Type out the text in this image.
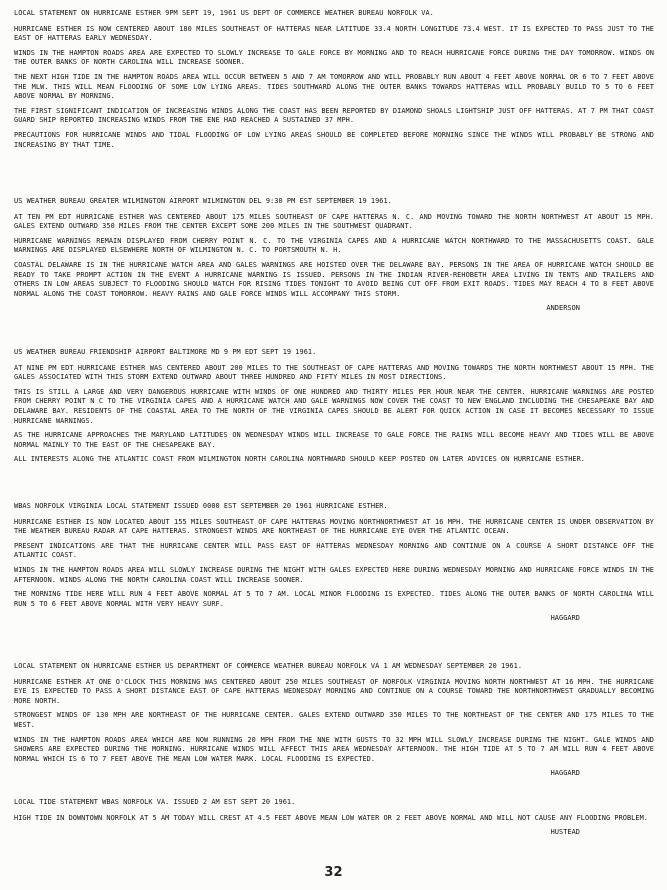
LOCAL STATEMENT ON HURRICANE ESTHER 9PM SEPT 19, 1961 US DEPT OF COMMERCE WEATHER BUREAU NORFOLK VA.

HURRICANE ESTHER IS NOW CENTERED ABOUT 180 MILES SOUTHEAST OF HATTERAS NEAR LATITUDE 33.4 NORTH LONGITUDE 73.4 WEST. IT IS EXPECTED TO PASS JUST TO THE EAST OF HATTERAS EARLY WEDNESDAY.

WINDS IN THE HAMPTON ROADS AREA ARE EXPECTED TO SLOWLY INCREASE TO GALE FORCE BY MORNING AND TO REACH HURRICANE FORCE DURING THE DAY TOMORROW. WINDS ON THE OUTER BANKS OF NORTH CAROLINA WILL INCREASE SOONER.

THE NEXT HIGH TIDE IN THE HAMPTON ROADS AREA WILL OCCUR BETWEEN 5 AND 7 AM TOMORROW AND WILL PROBABLY RUN ABOUT 4 FEET ABOVE NORMAL OR 6 TO 7 FEET ABOVE THE MLW. THIS WILL MEAN FLOODING OF SOME LOW LYING AREAS. TIDES SOUTHWARD ALONG THE OUTER BANKS TOWARDS HATTERAS WILL PROBABLY BUILD TO 5 TO 6 FEET ABOVE NORMAL BY MORNING.

THE FIRST SIGNIFICANT INDICATION OF INCREASING WINDS ALONG THE COAST HAS BEEN REPORTED BY DIAMOND SHOALS LIGHTSHIP JUST OFF HATTERAS. AT 7 PM THAT COAST GUARD SHIP REPORTED INCREASING WINDS FROM THE ENE HAD REACHED A SUSTAINED 37 MPH.

PRECAUTIONS FOR HURRICANE WINDS AND TIDAL FLOODING OF LOW LYING AREAS SHOULD BE COMPLETED BEFORE MORNING SINCE THE WINDS WILL PROBABLY BE STRONG AND INCREASING BY THAT TIME.

US WEATHER BUREAU GREATER WILMINGTON AIRPORT WILMINGTON DEL 9:30 PM EST SEPTEMBER 19 1961.

AT TEN PM EDT HURRICANE ESTHER WAS CENTERED ABOUT 175 MILES SOUTHEAST OF CAPE HATTERAS N. C. AND MOVING TOWARD THE NORTH NORTHWEST AT ABOUT 15 MPH. GALES EXTEND OUTWARD 350 MILES FROM THE CENTER EXCEPT SOME 200 MILES IN THE SOUTHWEST QUADRANT.

HURRICANE WARNINGS REMAIN DISPLAYED FROM CHERRY POINT N. C. TO THE VIRGINIA CAPES AND A HURRICANE WATCH NORTHWARD TO THE MASSACHUSETTS COAST. GALE WARNINGS ARE DISPLAYED ELSEWHERE NORTH OF WILMINGTON N. C. TO PORTSMOUTH N. H.

COASTAL DELAWARE IS IN THE HURRICANE WATCH AREA AND GALES WARNINGS ARE HOISTED OVER THE DELAWARE BAY. PERSONS IN THE AREA OF HURRICANE WATCH SHOULD BE READY TO TAKE PROMPT ACTION IN THE EVENT A HURRICANE WARNING IS ISSUED. PERSONS IN THE INDIAN RIVER-REHOBETH AREA LIVING IN TENTS AND TRAILERS AND OTHERS IN LOW AREAS SUBJECT TO FLOODING SHOULD WATCH FOR RISING TIDES TONIGHT TO AVOID BEING CUT OFF FROM EXIT ROADS. TIDES MAY REACH 4 TO 8 FEET ABOVE NORMAL ALONG THE COAST TOMORROW. HEAVY RAINS AND GALE FORCE WINDS WILL ACCOMPANY THIS STORM.

ANDERSON

US WEATHER BUREAU FRIENDSHIP AIRPORT BALTIMORE MD 9 PM EDT SEPT 19 1961.

AT NINE PM EDT HURRICANE ESTHER WAS CENTERED ABOUT 200 MILES TO THE SOUTHEAST OF CAPE HATTERAS AND MOVING TOWARDS THE NORTH NORTHWEST ABOUT 15 MPH. THE GALES ASSOCIATED WITH THIS STORM EXTEND OUTWARD ABOUT THREE HUNDRED AND FIFTY MILES IN MOST DIRECTIONS.

THIS IS STILL A LARGE AND VERY DANGEROUS HURRICANE WITH WINDS OF ONE HUNDRED AND THIRTY MILES PER HOUR NEAR THE CENTER. HURRICANE WARNINGS ARE POSTED FROM CHERRY POINT N C TO THE VIRGINIA CAPES AND A HURRICANE WATCH AND GALE WARNINGS NOW COVER THE COAST TO NEW ENGLAND INCLUDING THE CHESAPEAKE BAY AND DELAWARE BAY. RESIDENTS OF THE COASTAL AREA TO THE NORTH OF THE VIRGINIA CAPES SHOULD BE ALERT FOR QUICK ACTION IN CASE IT BECOMES NECESSARY TO ISSUE HURRICANE WARNINGS.

AS THE HURRICANE APPROACHES THE MARYLAND LATITUDES ON WEDNESDAY WINDS WILL INCREASE TO GALE FORCE THE RAINS WILL BECOME HEAVY AND TIDES WILL BE ABOVE NORMAL MAINLY TO THE EAST OF THE CHESAPEAKE BAY.

ALL INTERESTS ALONG THE ATLANTIC COAST FROM WILMINGTON NORTH CAROLINA NORTHWARD SHOULD KEEP POSTED ON LATER ADVICES ON HURRICANE ESTHER.

WBAS NORFOLK VIRGINIA LOCAL STATEMENT ISSUED 0000 EST SEPTEMBER 20 1961 HURRICANE ESTHER.

HURRICANE ESTHER IS NOW LOCATED ABOUT 155 MILES SOUTHEAST OF CAPE HATTERAS MOVING NORTHNORTHWEST AT 16 MPH. THE HURRICANE CENTER IS UNDER OBSERVATION BY THE WEATHER BUREAU RADAR AT CAPE HATTERAS. STRONGEST WINDS ARE NORTHEAST OF THE HURRICANE EYE OVER THE ATLANTIC OCEAN.

PRESENT INDICATIONS ARE THAT THE HURRICANE CENTER WILL PASS EAST OF HATTERAS WEDNESDAY MORNING AND CONTINUE ON A COURSE A SHORT DISTANCE OFF THE ATLANTIC COAST.

WINDS IN THE HAMPTON ROADS AREA WILL SLOWLY INCREASE DURING THE NIGHT WITH GALES EXPECTED HERE DURING WEDNESDAY MORNING AND HURRICANE FORCE WINDS IN THE AFTERNOON. WINDS ALONG THE NORTH CAROLINA COAST WILL INCREASE SOONER.

THE MORNING TIDE HERE WILL RUN 4 FEET ABOVE NORMAL AT 5 TO 7 AM. LOCAL MINOR FLOODING IS EXPECTED. TIDES ALONG THE OUTER BANKS OF NORTH CAROLINA WILL RUN 5 TO 6 FEET ABOVE NORMAL WITH VERY HEAVY SURF.

HAGGARD

LOCAL STATEMENT ON HURRICANE ESTHER US DEPARTMENT OF COMMERCE WEATHER BUREAU NORFOLK VA 1 AM WEDNESDAY SEPTEMBER 20 1961.

HURRICANE ESTHER AT ONE O'CLOCK THIS MORNING WAS CENTERED ABOUT 250 MILES SOUTHEAST OF NORFOLK VIRGINIA MOVING NORTH NORTHWEST AT 16 MPH. THE HURRICANE EYE IS EXPECTED TO PASS A SHORT DISTANCE EAST OF CAPE HATTERAS WEDNESDAY MORNING AND CONTINUE ON A COURSE TOWARD THE NORTHNORTHWEST GRADUALLY BECOMING MORE NORTH.

STRONGEST WINDS OF 130 MPH ARE NORTHEAST OF THE HURRICANE CENTER. GALES EXTEND OUTWARD 350 MILES TO THE NORTHEAST OF THE CENTER AND 175 MILES TO THE WEST.

WINDS IN THE HAMPTON ROADS AREA WHICH ARE NOW RUNNING 20 MPH FROM THE NNE WITH GUSTS TO 32 MPH WILL SLOWLY INCREASE DURING THE NIGHT. GALE WINDS AND SHOWERS ARE EXPECTED DURING THE MORNING. HURRICANE WINDS WILL AFFECT THIS AREA WEDNESDAY AFTERNOON. THE HIGH TIDE AT 5 TO 7 AM WILL RUN 4 FEET ABOVE NORMAL WHICH IS 6 TO 7 FEET ABOVE THE MEAN LOW WATER MARK. LOCAL FLOODING IS EXPECTED.

HAGGARD

LOCAL TIDE STATEMENT WBAS NORFOLK VA. ISSUED 2 AM EST SEPT 20 1961.

HIGH TIDE IN DOWNTOWN NORFOLK AT 5 AM TODAY WILL CREST AT 4.5 FEET ABOVE MEAN LOW WATER OR 2 FEET ABOVE NORMAL AND WILL NOT CAUSE ANY FLOODING PROBLEM.

HUSTEAD

32
